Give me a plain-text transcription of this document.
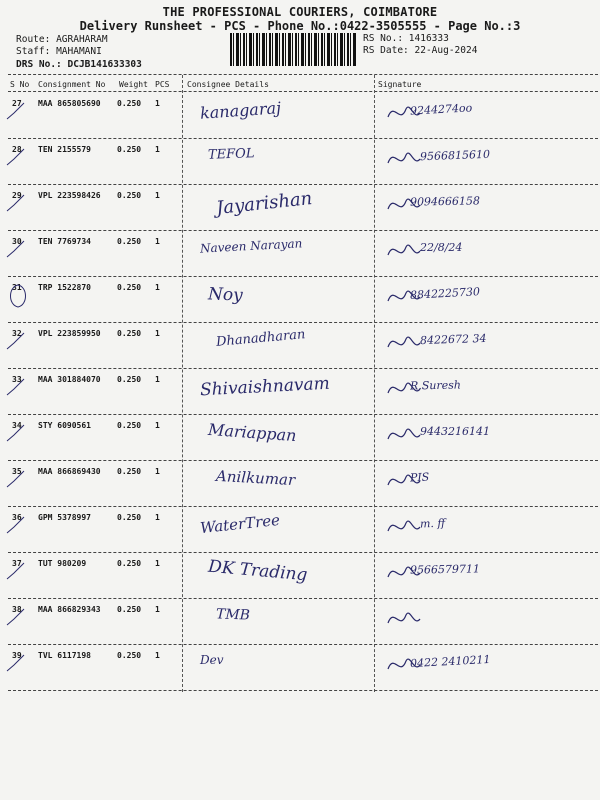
THE PROFESSIONAL COURIERS, COIMBATORE
Delivery Runsheet - PCS - Phone No.:0422-3505555 - Page No.:3
Route: AGRAHARAM
Staff: MAHAMANI
DRS No.: DCJB141633303
RS No.: 1416333
RS Date: 22-Aug-2024
S No Consignment No Weight PCS Consignee Details	Signature
27 MAA 865805690 0.250 1 kanagaraj	9244274oo
28 TEN 2155579	0.250 1	TEFOL	9566815610
29 VPL 223598426 0.250 1	Jayarishan	9094666158
30 TEN 7769734	0.250 1	Naveen Narayan	22/8/24
31 TRP 1522870	0.250 1	Noy	8842225730
32 VPL 223859950 0.250 1	Dhanadharan	8422672 34
33 MAA 301884070 0.250 1 Shivaishnavam	R.Suresh
34 STY 6090561	0.250 1	Mariappan	9443216141
35 MAA 866869430 0.250 1	Anilkumar	PIS
36 GPM 5378997	0.250 1	WaterTree	m. ff
37 TUT 980209	0.250 1	DK Trading	9566579711
38 MAA 866829343 0.250 1	TMB
39 TVL 6117198	0.250 1	Dev	0422 2410211
